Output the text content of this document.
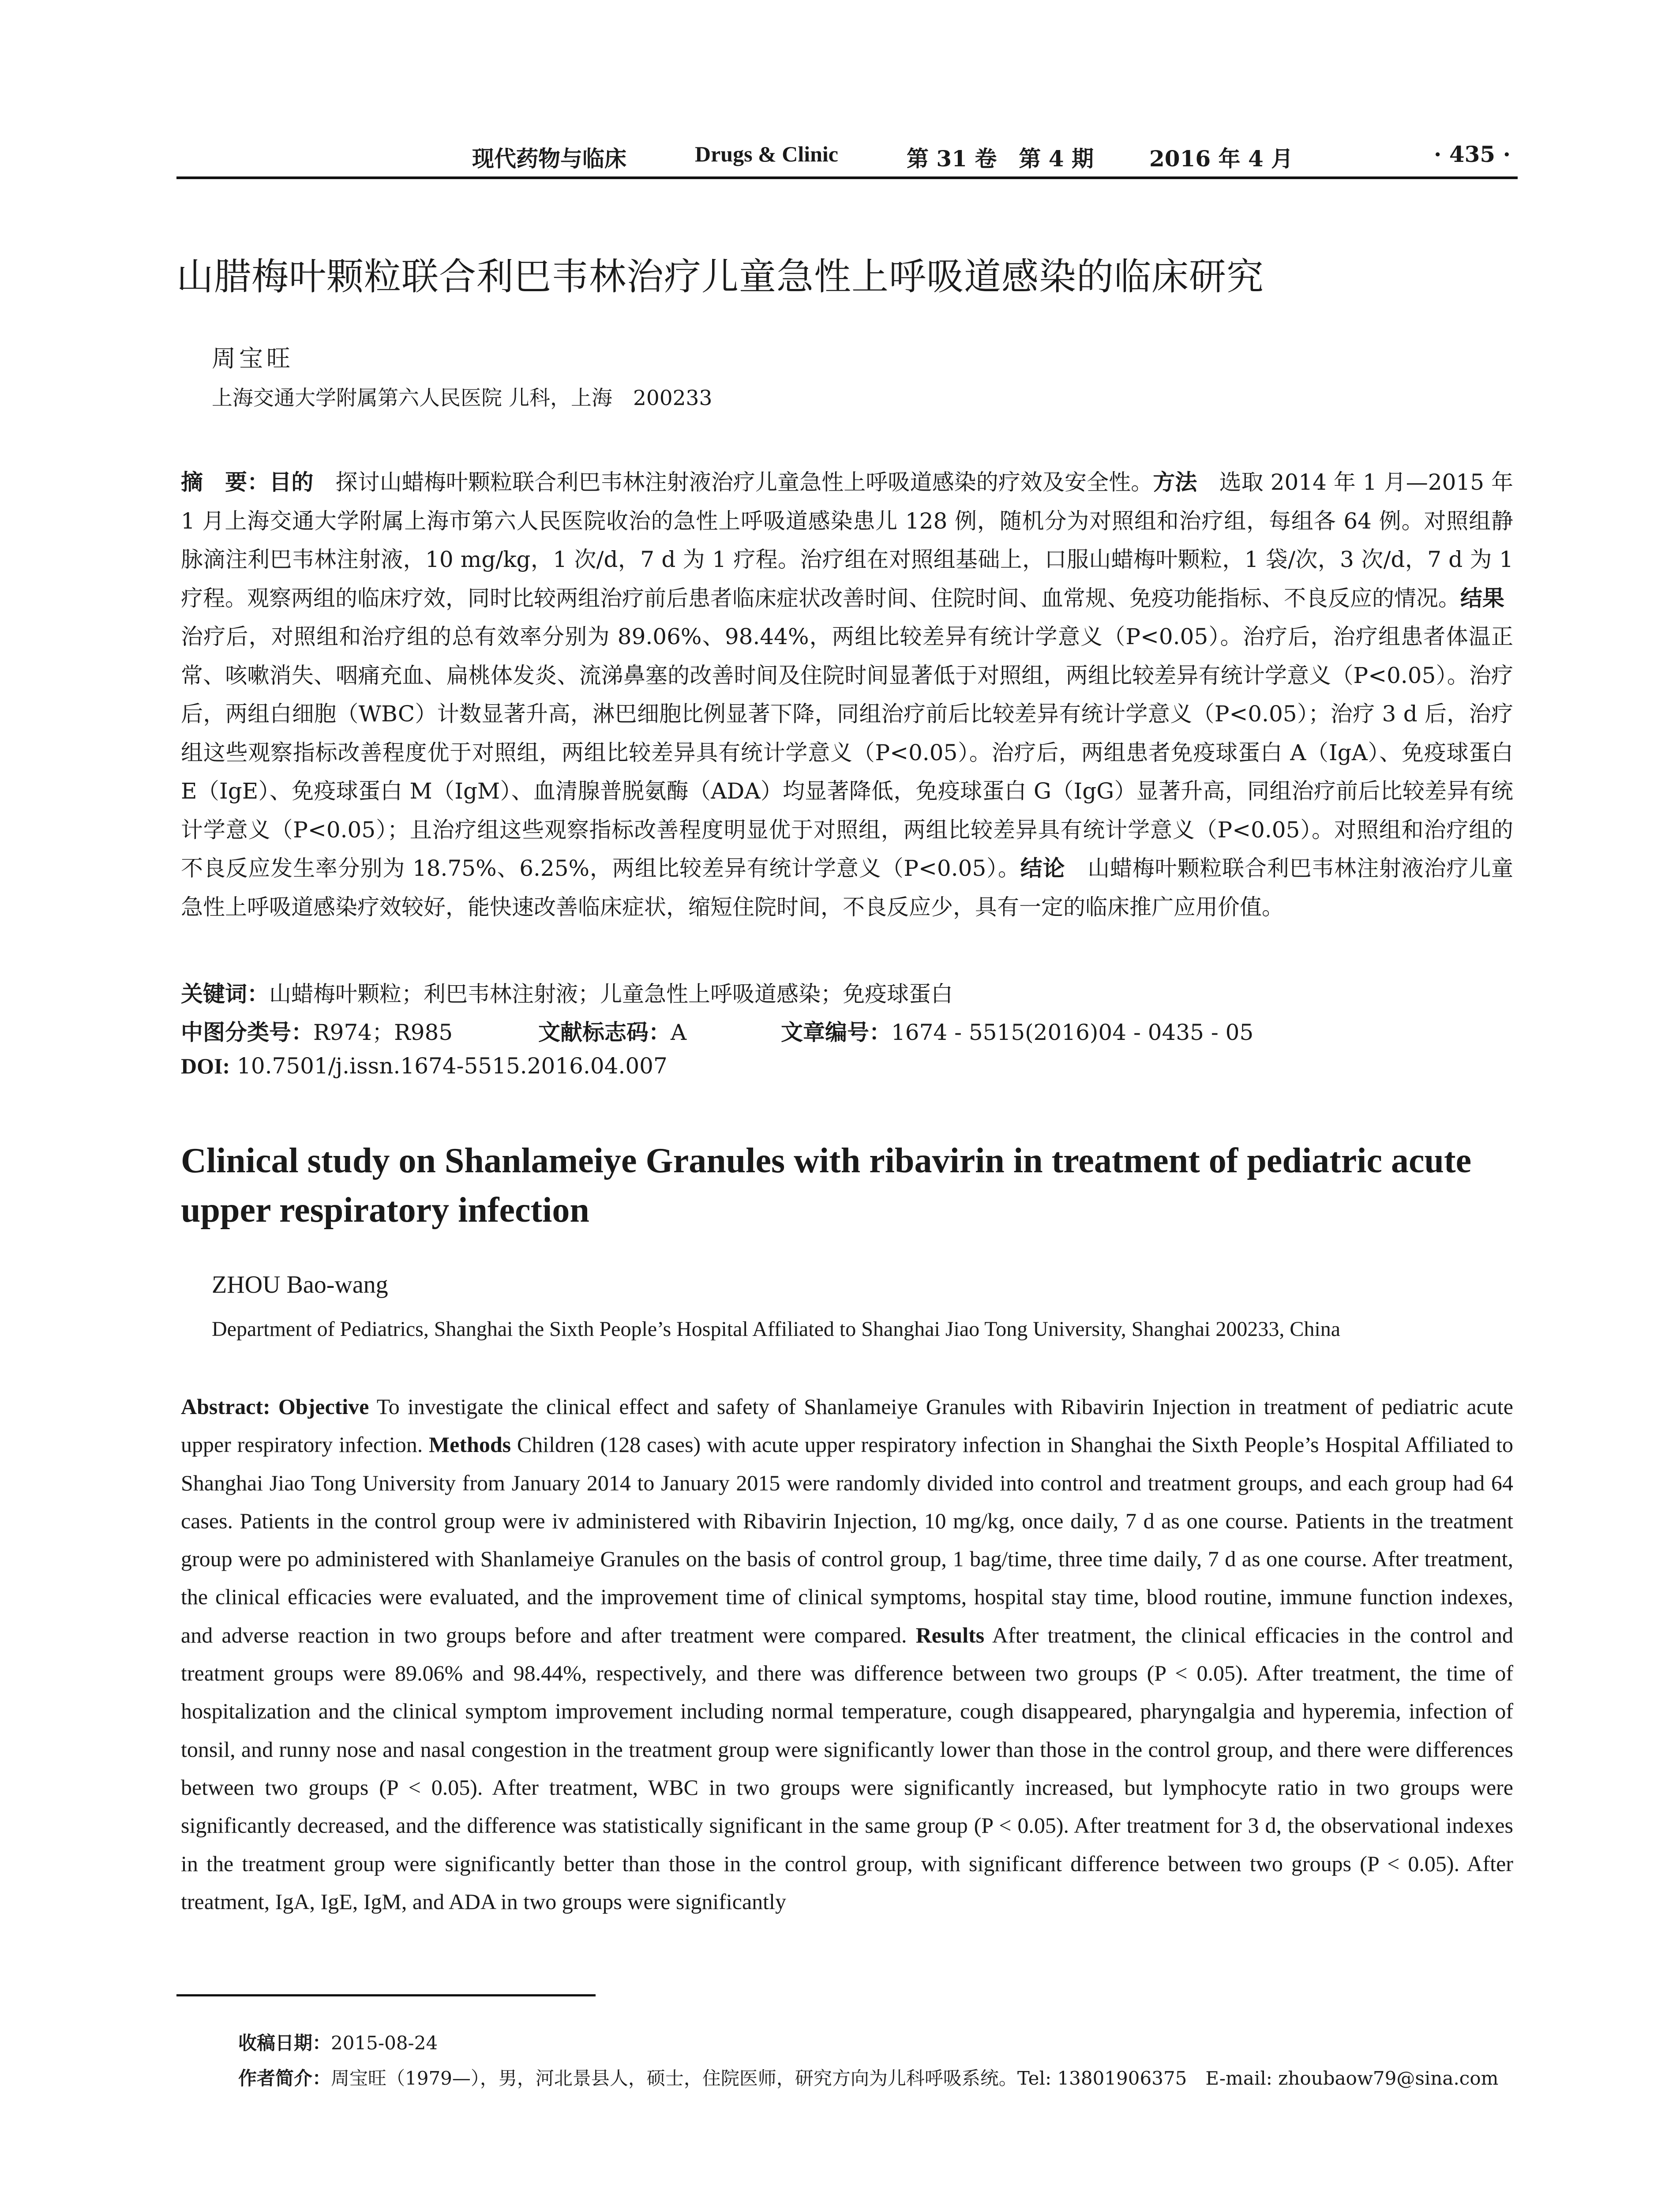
现代药物与临床	Drugs & Clinic	第 31 卷　第 4 期	2016 年 4 月	· 435 ·
山腊梅叶颗粒联合利巴韦林治疗儿童急性上呼吸道感染的临床研究
周宝旺
上海交通大学附属第六人民医院 儿科，上海　200233
摘　要：目的　探讨山蜡梅叶颗粒联合利巴韦林注射液治疗儿童急性上呼吸道感染的疗效及安全性。方法　选取 2014 年 1 月—2015 年 1 月上海交通大学附属上海市第六人民医院收治的急性上呼吸道感染患儿 128 例，随机分为对照组和治疗组，每组各 64 例。对照组静脉滴注利巴韦林注射液，10 mg/kg，1 次/d，7 d 为 1 疗程。治疗组在对照组基础上，口服山蜡梅叶颗粒，1 袋/次，3 次/d，7 d 为 1 疗程。观察两组的临床疗效，同时比较两组治疗前后患者临床症状改善时间、住院时间、血常规、免疫功能指标、不良反应的情况。结果　治疗后，对照组和治疗组的总有效率分别为 89.06%、98.44%，两组比较差异有统计学意义（P<0.05）。治疗后，治疗组患者体温正常、咳嗽消失、咽痛充血、扁桃体发炎、流涕鼻塞的改善时间及住院时间显著低于对照组，两组比较差异有统计学意义（P<0.05）。治疗后，两组白细胞（WBC）计数显著升高，淋巴细胞比例显著下降，同组治疗前后比较差异有统计学意义（P<0.05）；治疗 3 d 后，治疗组这些观察指标改善程度优于对照组，两组比较差异具有统计学意义（P<0.05）。治疗后，两组患者免疫球蛋白 A（IgA）、免疫球蛋白 E（IgE）、免疫球蛋白 M（IgM）、血清腺普脱氨酶（ADA）均显著降低，免疫球蛋白 G（IgG）显著升高，同组治疗前后比较差异有统计学意义（P<0.05）；且治疗组这些观察指标改善程度明显优于对照组，两组比较差异具有统计学意义（P<0.05）。对照组和治疗组的不良反应发生率分别为 18.75%、6.25%，两组比较差异有统计学意义（P<0.05）。结论　山蜡梅叶颗粒联合利巴韦林注射液治疗儿童急性上呼吸道感染疗效较好，能快速改善临床症状，缩短住院时间，不良反应少，具有一定的临床推广应用价值。
关键词：山蜡梅叶颗粒；利巴韦林注射液；儿童急性上呼吸道感染；免疫球蛋白
中图分类号：R974；R985	文献标志码：A	文章编号：1674 - 5515(2016)04 - 0435 - 05
DOI: 10.7501/j.issn.1674-5515.2016.04.007
Clinical study on Shanlameiye Granules with ribavirin in treatment of pediatric acute upper respiratory infection
ZHOU Bao-wang
Department of Pediatrics, Shanghai the Sixth People’s Hospital Affiliated to Shanghai Jiao Tong University, Shanghai 200233, China
Abstract: Objective To investigate the clinical effect and safety of Shanlameiye Granules with Ribavirin Injection in treatment of pediatric acute upper respiratory infection. Methods Children (128 cases) with acute upper respiratory infection in Shanghai the Sixth People’s Hospital Affiliated to Shanghai Jiao Tong University from January 2014 to January 2015 were randomly divided into control and treatment groups, and each group had 64 cases. Patients in the control group were iv administered with Ribavirin Injection, 10 mg/kg, once daily, 7 d as one course. Patients in the treatment group were po administered with Shanlameiye Granules on the basis of control group, 1 bag/time, three time daily, 7 d as one course. After treatment, the clinical efficacies were evaluated, and the improvement time of clinical symptoms, hospital stay time, blood routine, immune function indexes, and adverse reaction in two groups before and after treatment were compared. Results After treatment, the clinical efficacies in the control and treatment groups were 89.06% and 98.44%, respectively, and there was difference between two groups (P < 0.05). After treatment, the time of hospitalization and the clinical symptom improvement including normal temperature, cough disappeared, pharyngalgia and hyperemia, infection of tonsil, and runny nose and nasal congestion in the treatment group were significantly lower than those in the control group, and there were differences between two groups (P < 0.05). After treatment, WBC in two groups were significantly increased, but lymphocyte ratio in two groups were significantly decreased, and the difference was statistically significant in the same group (P < 0.05). After treatment for 3 d, the observational indexes in the treatment group were significantly better than those in the control group, with significant difference between two groups (P < 0.05). After treatment, IgA, IgE, IgM, and ADA in two groups were significantly
收稿日期：2015-08-24
作者简介：周宝旺（1979—），男，河北景县人，硕士，住院医师，研究方向为儿科呼吸系统。Tel: 13801906375　E-mail: zhoubaow79@sina.com
